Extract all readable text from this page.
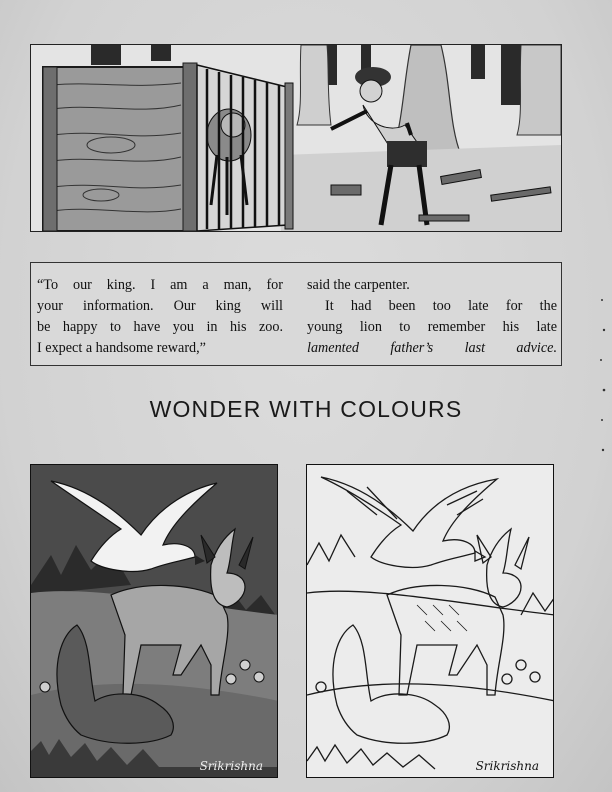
“To our king. I am a man, for
your information. Our king will
be happy to have you in his zoo.
I expect a handsome reward,”
said the carpenter.
It had been too late for the
young lion to remember his late
lamented father’s last advice.
WONDER WITH COLOURS
Srikrishna	Srikrishna
